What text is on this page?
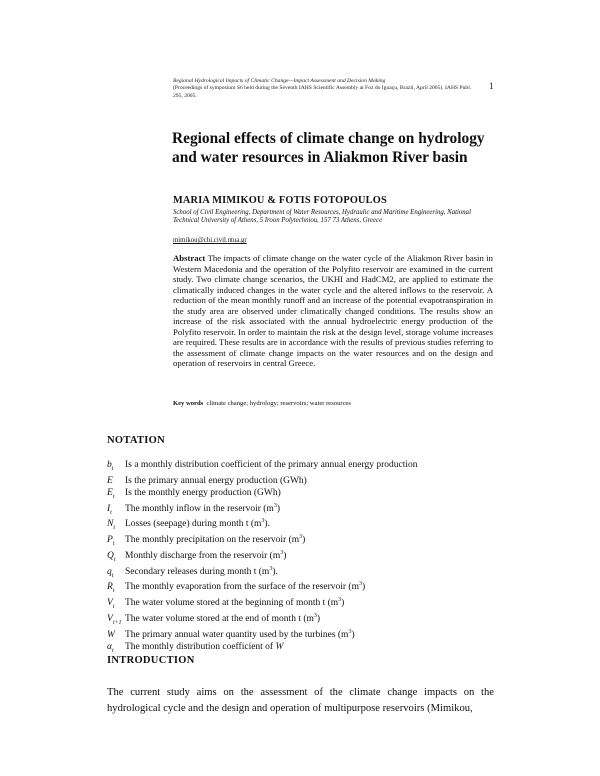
Regional Hydrological Impacts of Climatic Change—Impact Assessment and Decision Making
(Proceedings of symposium S6 held during the Seventh IAHS Scientific Assembly at Foz do Iguaçu, Brazil, April 2005). IAHS Publ. 295, 2005.
1
Regional effects of climate change on hydrology and water resources in Aliakmon River basin
MARIA MIMIKOU & FOTIS FOTOPOULOS
School of Civil Engineering, Department of Water Resources, Hydraulic and Maritime Engineering, National Technical University of Athens, 5 Iroon Polytechniou, 157 73 Athens, Greece
mimikou@chi.civil.ntua.gr

Abstract The impacts of climate change on the water cycle of the Aliakmon River basin in Western Macedonia and the operation of the Polyfito reservoir are examined in the current study. Two climate change scenarios, the UKHI and HadCM2, are applied to estimate the climatically induced changes in the water cycle and the altered inflows to the reservoir. A reduction of the mean monthly runoff and an increase of the potential evapotranspiration in the study area are observed under climatically changed conditions. The results show an increase of the risk associated with the annual hydroelectric energy production of the Polyfito reservoir. In order to maintain the risk at the design level, storage volume increases are required. These results are in accordance with the results of previous studies referring to the assessment of climate change impacts on the water resources and on the design and operation of reservoirs in central Greece.

Key words climate change; hydrology; reservoirs; water resources
NOTATION
$b_t$	Is a monthly distribution coefficient of the primary annual energy production
E	Is the primary annual energy production (GWh)
$E_t$	Is the monthly energy production (GWh)
$I_t$	The monthly inflow in the reservoir $(m^3)$
$N_t$	Losses (seepage) during month t $(m^3)$.
$P_t$	The monthly precipitation on the reservoir $(m^3)$
$Q_t$ Monthly discharge from the reservoir $(m^3)$
$q_t$	Secondary releases during month t $(m^3)$.
$R_t$	The monthly evaporation from the surface of the reservoir $(m^3)$
$V_t$	The water volume stored at the beginning of month t $(m^3)$
$V_{t+1}$ The water volume stored at the end of month t $(m^3)$
W	The primary annual water quantity used by the turbines $(m^3)$
$\alpha_t$	The monthly distribution coefficient of W
INTRODUCTION

The current study aims on the assessment of the climate change impacts on the hydrological cycle and the design and operation of multipurpose reservoirs (Mimikou,
